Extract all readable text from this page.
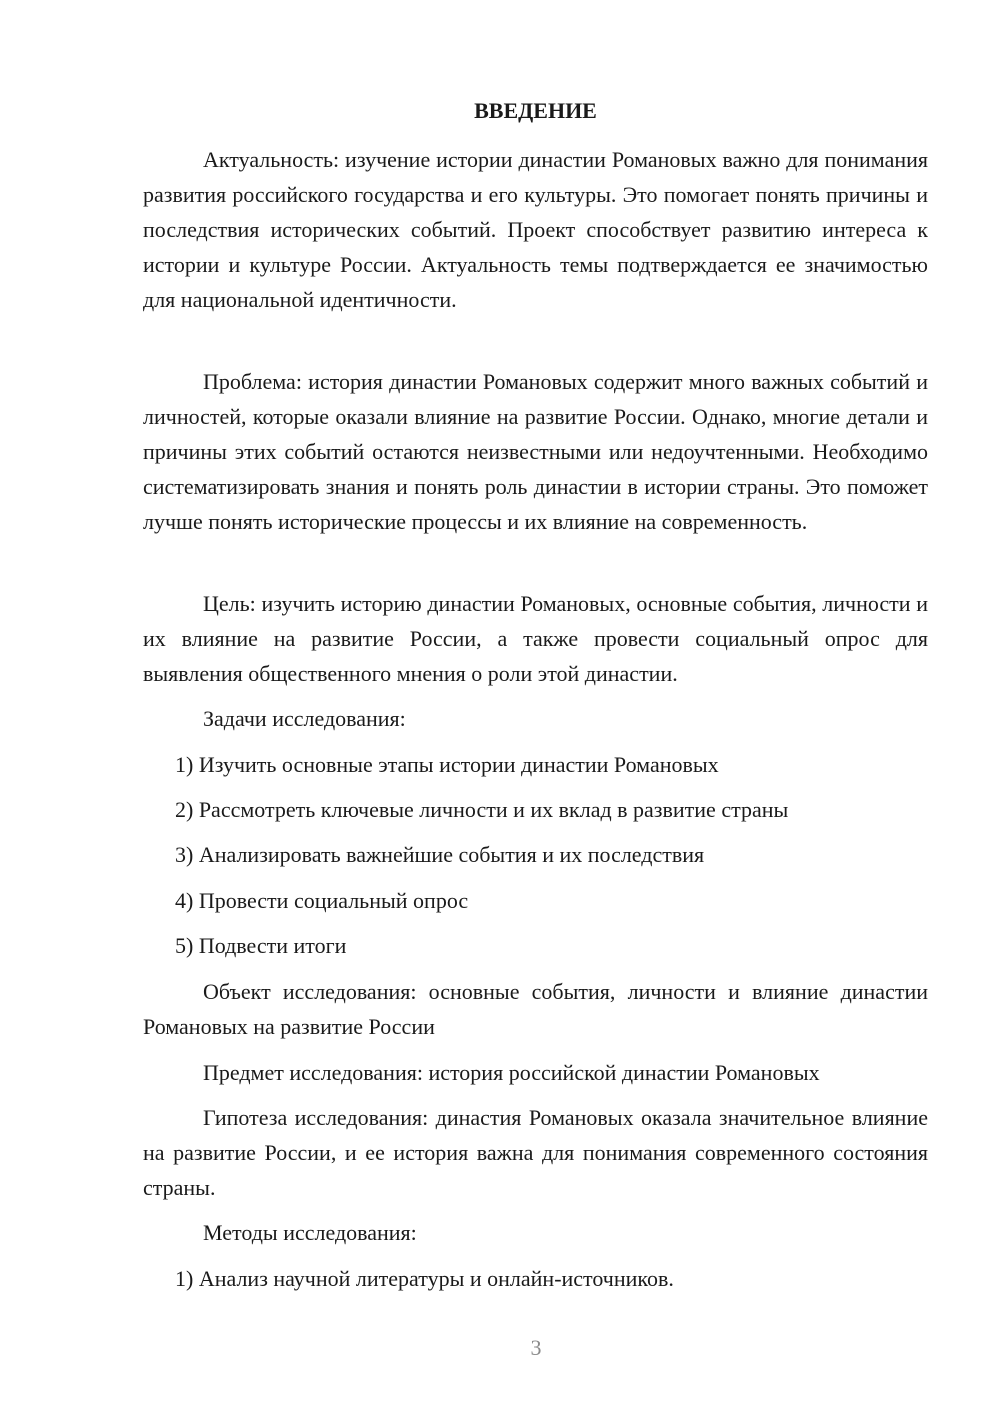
ВВЕДЕНИЕ

Актуальность: изучение истории династии Романовых важно для понимания развития российского государства и его культуры. Это помогает понять причины и последствия исторических событий. Проект способствует развитию интереса к истории и культуре России. Актуальность темы подтверждается ее значимостью для национальной идентичности.

Проблема: история династии Романовых содержит много важных событий и личностей, которые оказали влияние на развитие России. Однако, многие детали и причины этих событий остаются неизвестными или недоучтенными. Необходимо систематизировать знания и понять роль династии в истории страны. Это поможет лучше понять исторические процессы и их влияние на современность.

Цель: изучить историю династии Романовых, основные события, личности и их влияние на развитие России, а также провести социальный опрос для выявления общественного мнения о роли этой династии.

Задачи исследования:

1) Изучить основные этапы истории династии Романовых

2) Рассмотреть ключевые личности и их вклад в развитие страны

3) Анализировать важнейшие события и их последствия

4) Провести социальный опрос

5) Подвести итоги

Объект исследования: основные события, личности и влияние династии Романовых на развитие России

Предмет исследования: история российской династии Романовых

Гипотеза исследования: династия Романовых оказала значительное влияние на развитие России, и ее история важна для понимания современного состояния страны.

Методы исследования:

1) Анализ научной литературы и онлайн-источников.

3
